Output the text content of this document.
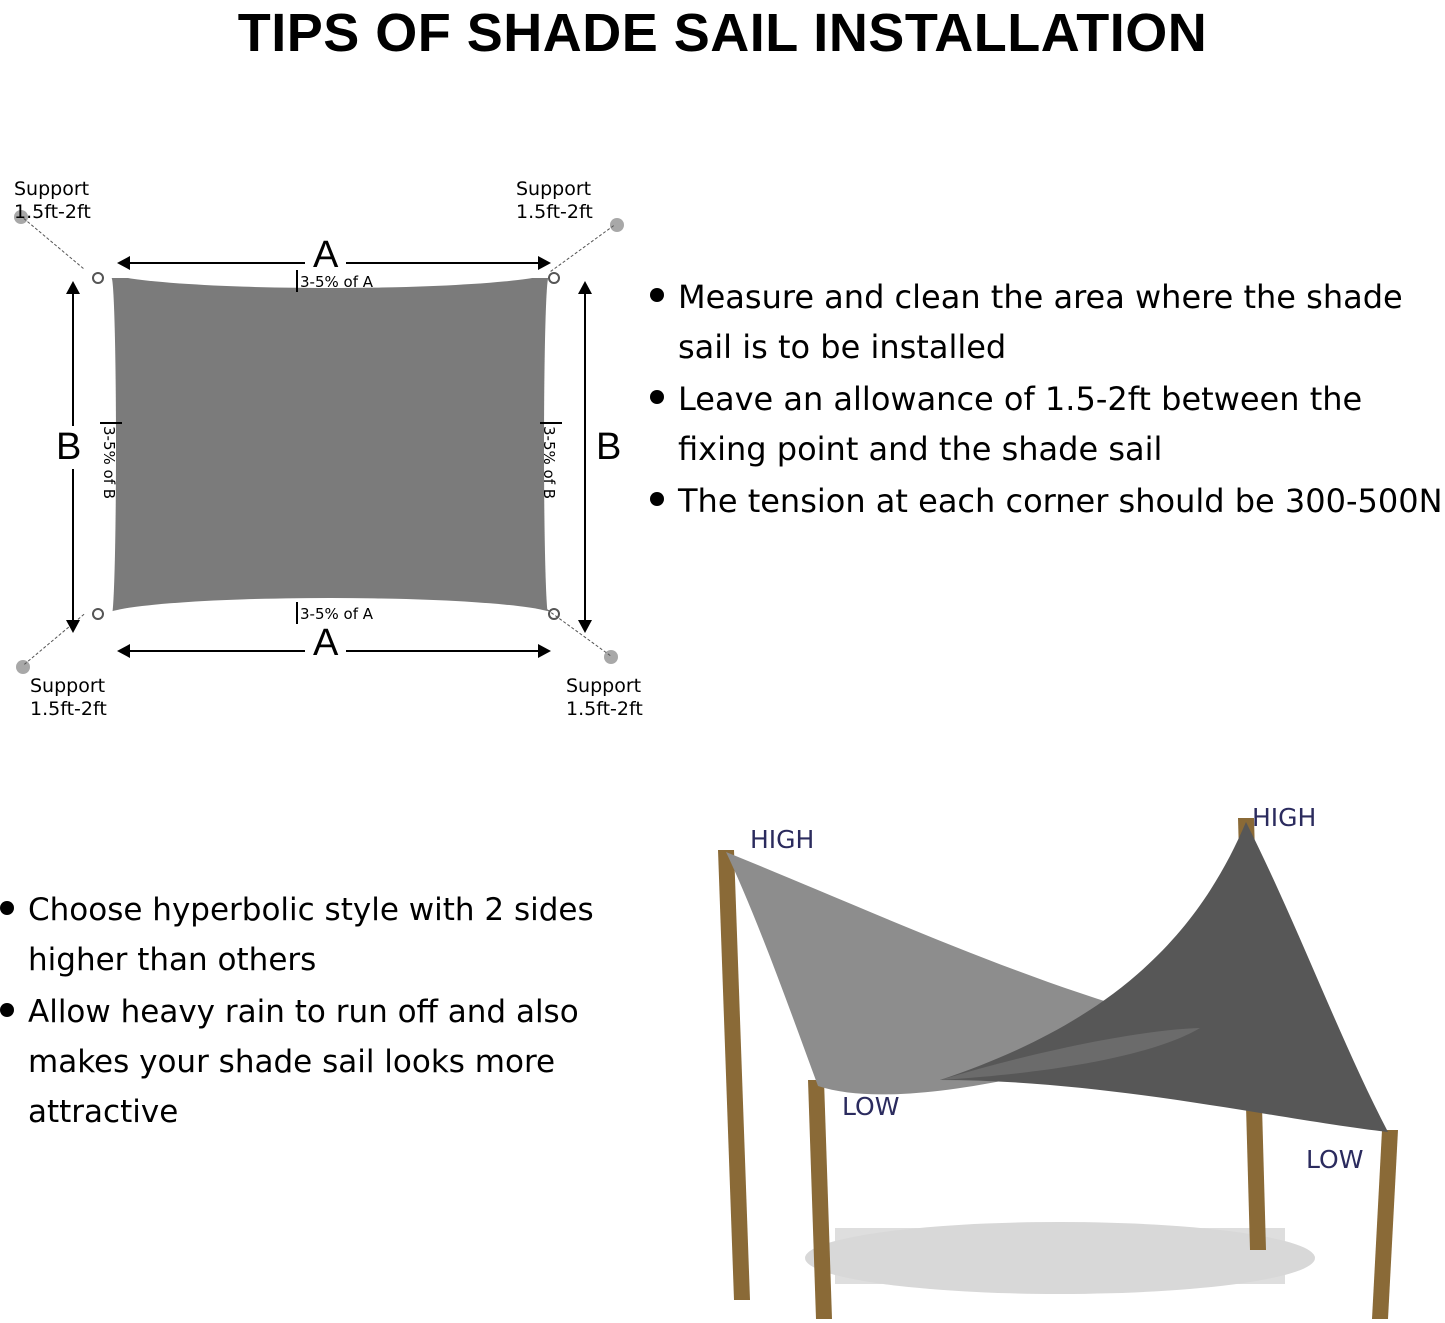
TIPS OF SHADE SAIL INSTALLATION
Support
1.5ft-2ft
Support
1.5ft-2ft
Support
1.5ft-2ft
Support
1.5ft-2ft
A
A
B	B
3-5% of A
3-5% of A
3-5% of B	3-5% of B
Measure and clean the area where the shade sail is to be installed
Leave an allowance of 1.5-2ft between the fixing point and the shade sail
The tension at each corner should be 300-500N
Choose hyperbolic style with 2 sides higher than others
Allow heavy rain to run off and also makes your shade sail looks more attractive
HIGH
HIGH
LOW
LOW
